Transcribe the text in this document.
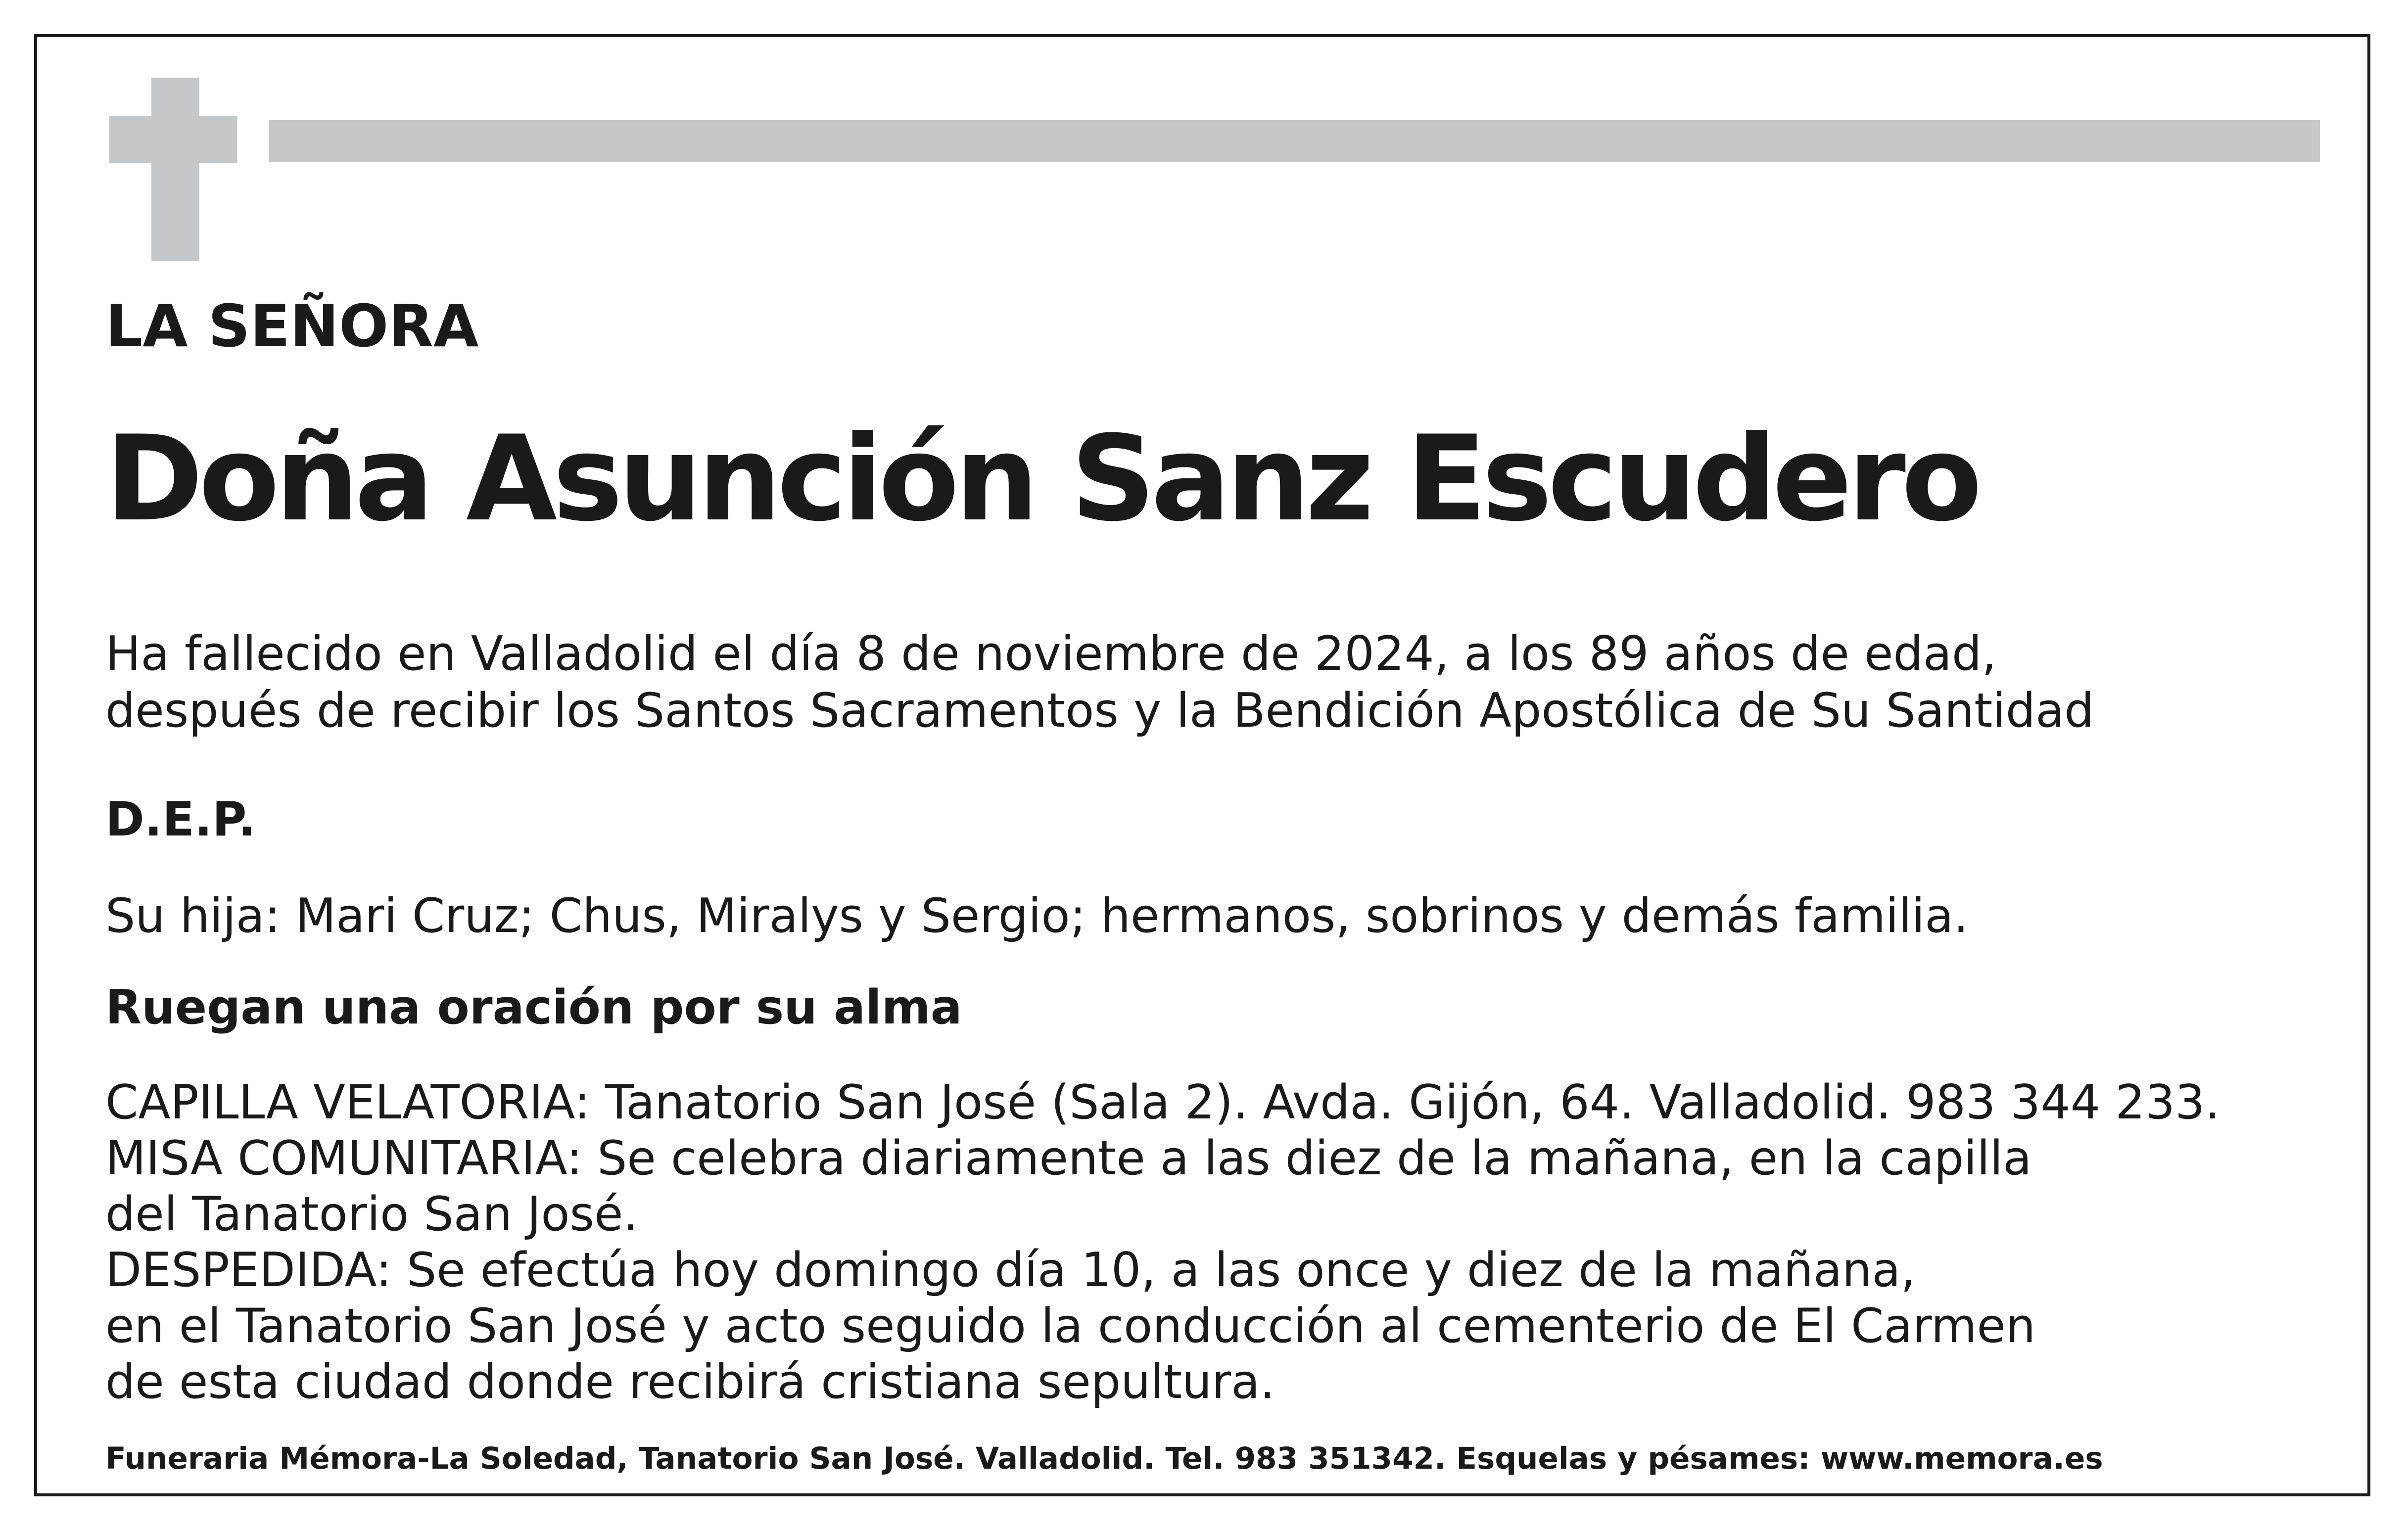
LA SEÑORA

Doña Asunción Sanz Escudero

Ha fallecido en Valladolid el día 8 de noviembre de 2024, a los 89 años de edad,

después de recibir los Santos Sacramentos y la Bendición Apostólica de Su Santidad

D.E.P.

Su hija: Mari Cruz; Chus, Miralys y Sergio; hermanos, sobrinos y demás familia.

Ruegan una oración por su alma

CAPILLA VELATORIA: Tanatorio San José (Sala 2). Avda. Gijón, 64. Valladolid. 983 344 233.

MISA COMUNITARIA: Se celebra diariamente a las diez de la mañana, en la capilla

del Tanatorio San José.

DESPEDIDA: Se efectúa hoy domingo día 10, a las once y diez de la mañana,

en el Tanatorio San José y acto seguido la conducción al cementerio de El Carmen

de esta ciudad donde recibirá cristiana sepultura.

Funeraria Mémora-La Soledad, Tanatorio San José. Valladolid. Tel. 983 351342. Esquelas y pésames: www.memora.es
